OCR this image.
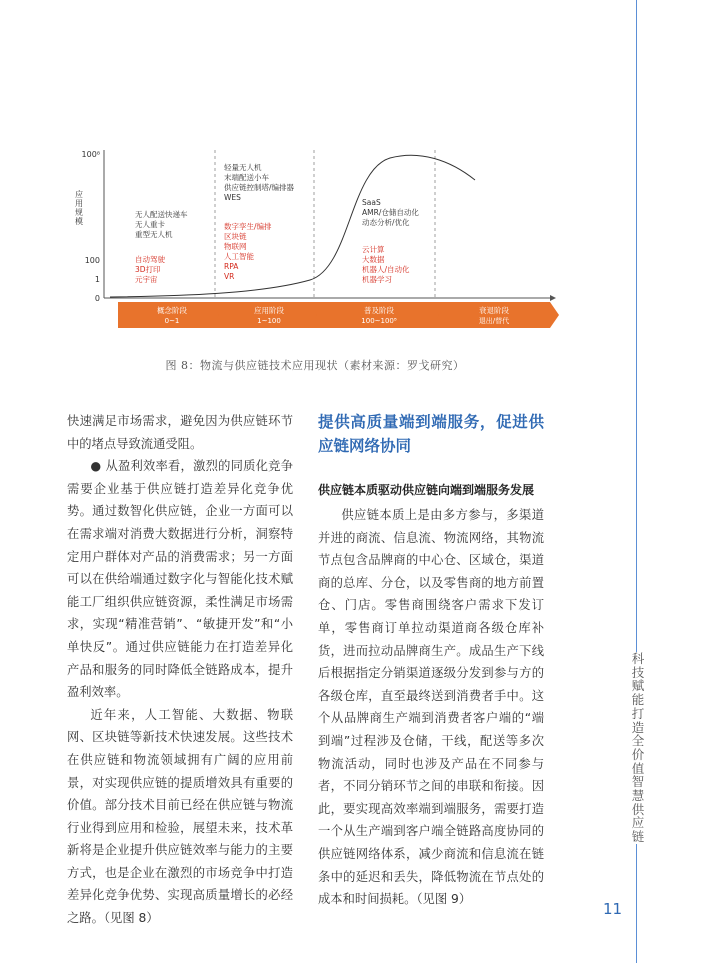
科技赋能打造全价值智慧供应链
11
100⁸
100
1
0
应
用
规
模
无人配送快递车
无人重卡
重型无人机
自动驾驶
3D打印
元宇宙
轻量无人机
末端配送小车
供应链控制塔/编排器
WES
数字孪生/编排
区块链
物联网
人工智能
RPA
VR
SaaS
AMR/仓储自动化
动态分析/优化
云计算
大数据
机器人/自动化
机器学习
概念阶段
0~1
应用阶段
1~100
普及阶段
100~100⁸
衰退阶段
退出/替代
图 8：物流与供应链技术应用现状（素材来源：罗戈研究）

快速满足市场需求，避免因为供应链环节中的堵点导致流通受阻。

● 从盈利效率看，激烈的同质化竞争需要企业基于供应链打造差异化竞争优势。通过数智化供应链，企业一方面可以在需求端对消费大数据进行分析，洞察特定用户群体对产品的消费需求；另一方面可以在供给端通过数字化与智能化技术赋能工厂组织供应链资源，柔性满足市场需求，实现“精准营销”、“敏捷开发”和“小单快反”。通过供应链能力在打造差异化产品和服务的同时降低全链路成本，提升盈利效率。

近年来，人工智能、大数据、物联网、区块链等新技术快速发展。这些技术在供应链和物流领域拥有广阔的应用前景，对实现供应链的提质增效具有重要的价值。部分技术目前已经在供应链与物流行业得到应用和检验，展望未来，技术革新将是企业提升供应链效率与能力的主要方式，也是企业在激烈的市场竞争中打造差异化竞争优势、实现高质量增长的必经之路。（见图 8）

提供高质量端到端服务，促进供应链网络协同
供应链本质驱动供应链向端到端服务发展

供应链本质上是由多方参与，多渠道并进的商流、信息流、物流网络，其物流节点包含品牌商的中心仓、区域仓，渠道商的总库、分仓，以及零售商的地方前置仓、门店。零售商围绕客户需求下发订单，零售商订单拉动渠道商各级仓库补货，进而拉动品牌商生产。成品生产下线后根据指定分销渠道逐级分发到参与方的各级仓库，直至最终送到消费者手中。这个从品牌商生产端到消费者客户端的“端到端”过程涉及仓储，干线，配送等多次物流活动，同时也涉及产品在不同参与者，不同分销环节之间的串联和衔接。因此，要实现高效率端到端服务，需要打造一个从生产端到客户端全链路高度协同的供应链网络体系，减少商流和信息流在链条中的延迟和丢失，降低物流在节点处的成本和时间损耗。（见图 9）
